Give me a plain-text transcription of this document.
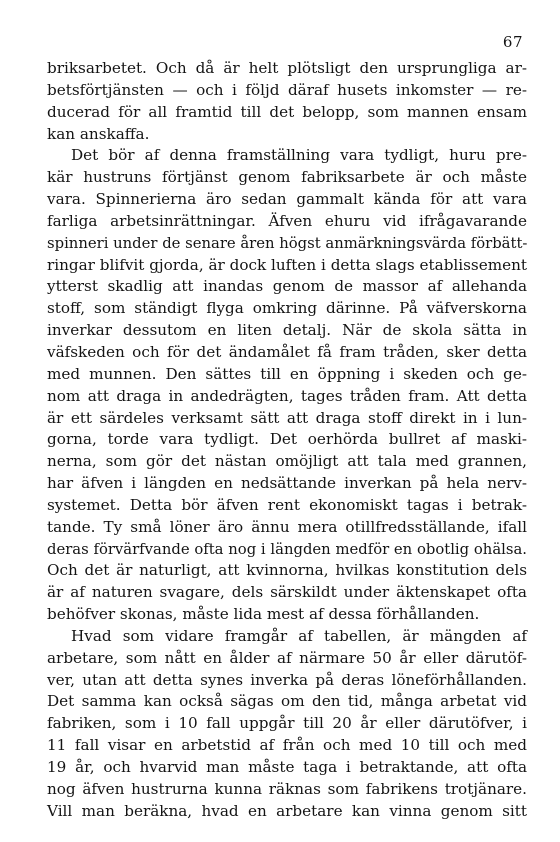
67
briksarbetet. Och då är helt plötsligt den ursprungliga ar-
betsförtjänsten — och i följd däraf husets inkomster — re-
ducerad för all framtid till det belopp, som mannen ensam
kan anskaffa.
Det bör af denna framställning vara tydligt, huru pre-
kär hustruns förtjänst genom fabriksarbete är och måste
vara. Spinnerierna äro sedan gammalt kända för att vara
farliga arbetsinrättningar. Äfven ehuru vid ifrågavarande
spinneri under de senare åren högst anmärkningsvärda förbätt-
ringar blifvit gjorda, är dock luften i detta slags etablissement
ytterst skadlig att inandas genom de massor af allehanda
stoff, som ständigt flyga omkring därinne. På väfverskorna
inverkar dessutom en liten detalj. När de skola sätta in
väfskeden och för det ändamålet få fram tråden, sker detta
med munnen. Den sättes till en öppning i skeden och ge-
nom att draga in andedrägten, tages tråden fram. Att detta
är ett särdeles verksamt sätt att draga stoff direkt in i lun-
gorna, torde vara tydligt. Det oerhörda bullret af maski-
nerna, som gör det nästan omöjligt att tala med grannen,
har äfven i längden en nedsättande inverkan på hela nerv-
systemet. Detta bör äfven rent ekonomiskt tagas i betrak-
tande. Ty små löner äro ännu mera otillfredsställande, ifall
deras förvärfvande ofta nog i längden medför en obotlig ohälsa.
Och det är naturligt, att kvinnorna, hvilkas konstitution dels
är af naturen svagare, dels särskildt under äktenskapet ofta
behöfver skonas, måste lida mest af dessa förhållanden.
Hvad som vidare framgår af tabellen, är mängden af
arbetare, som nått en ålder af närmare 50 år eller därutöf-
ver, utan att detta synes inverka på deras löneförhållanden.
Det samma kan också sägas om den tid, många arbetat vid
fabriken, som i 10 fall uppgår till 20 år eller därutöfver, i
11 fall visar en arbetstid af från och med 10 till och med
19 år, och hvarvid man måste taga i betraktande, att ofta
nog äfven hustrurna kunna räknas som fabrikens trotjänare.
Vill man beräkna, hvad en arbetare kan vinna genom sitt
